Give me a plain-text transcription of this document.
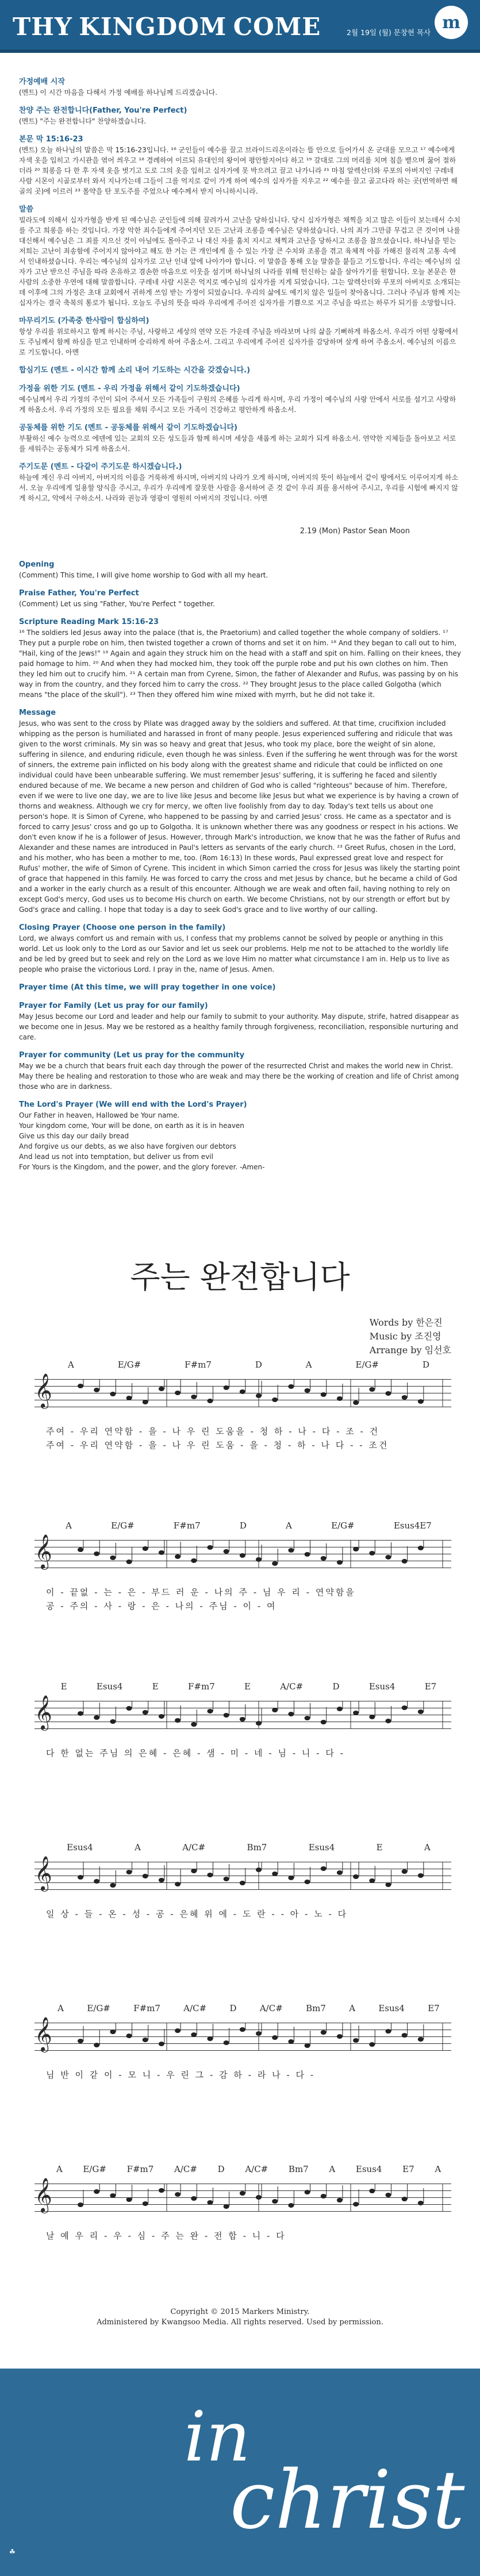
THY KINGDOM COME	2월 19일 (월) 문창현 목사 m
가정예배 시작

(멘트) 이 시간 마음을 다해서 가정 예배를 하나님께 드리겠습니다.

찬양 주는 완전합니다(Father, You're Perfect)

(멘트) "주는 완전합니다" 찬양하겠습니다.

본문 막 15:16-23

(멘트) 오늘 하나님의 말씀은 막 15:16-23입니다. ¹⁶ 군인들이 예수를 끌고 브라이드리온이라는 뜰 안으로 들어가서 온 군대를 모으고 ¹⁷ 예수에게 자색 옷을 입히고 가시관을 엮어 씌우고 ¹⁸ 경례하여 이르되 유대인의 왕이여 평안할지어다 하고 ¹⁹ 갈대로 그의 머리를 치며 침을 뱉으며 꿇어 절하더라 ²⁰ 희롱을 다 한 후 자색 옷을 벗기고 도로 그의 옷을 입히고 십자가에 못 박으려고 끌고 나가니라 ²¹ 마침 알렉산더와 루포의 아버지인 구레네 사람 시몬이 시골로부터 와서 지나가는데 그들이 그를 억지로 같이 가게 하여 예수의 십자가를 지우고 ²² 예수를 끌고 골고다라 하는 곳(번역하면 해골의 곳)에 이르러 ²³ 몰약을 탄 포도주를 주었으나 예수께서 받지 아니하시니라.

말씀

빌라도에 의해서 십자가형을 받게 된 예수님은 군인들에 의해 끌려가서 고난을 당하십니다. 당시 십자가형은 채찍을 치고 많은 이들이 보는데서 수치를 주고 희롱을 하는 것입니다. 가장 악한 죄수들에게 주어지던 모든 고난과 조롱을 예수님은 당하셨습니다. 나의 죄가 그만큼 무겁고 큰 것이며 나를 대신해서 예수님은 그 죄를 지으신 것이 아님에도 몰아주고 나 대신 자를 훔치 지시고 채찍과 고난을 당하시고 조롱을 참으셨습니다. 하나님을 믿는 저희는 고난이 죄송함에 주어지지 않아야고 해도 한 거는 큰 개인에게 올 수 있는 가장 큰 수치와 조롱을 겪고 육체적 아픔 가해진 물리적 고통 속에서 인내하셨습니다. 우리는 예수님의 십자가로 고난 인내 앞에 나아가야 합니다. 이 말씀을 통해 오늘 말씀을 붙들고 기도합니다. 우리는 예수님의 십자가 고난 받으신 주님을 따라 온유하고 겸손한 마음으로 이웃을 섬기며 하나님의 나라를 위해 헌신하는 삶을 살아가기를 원합니다. 오늘 본문은 한 사람의 소중한 우연에 대해 말씀합니다. 구레네 사람 시몬은 억지로 예수님의 십자가를 지게 되었습니다. 그는 알렉산더와 루포의 아버지로 소개되는데 이후에 그의 가정은 초대 교회에서 귀하게 쓰임 받는 가정이 되었습니다. 우리의 삶에도 예기치 않은 일들이 찾아옵니다. 그러나 주님과 함께 지는 십자가는 결국 축복의 통로가 됩니다. 오늘도 주님의 뜻을 따라 우리에게 주어진 십자가를 기쁨으로 지고 주님을 따르는 하루가 되기를 소망합니다.

마무리기도 (가족중 한사람이 합심하여)

항상 우리를 위로하시고 함께 하시는 주님, 사랑하고 세상의 연약 모든 가운데 주님을 바라보며 나의 삶을 기뻐하게 하옵소서. 우리가 어떤 상황에서도 주님께서 함께 하심을 믿고 인내하며 승리하게 하여 주옵소서. 그리고 우리에게 주어진 십자가를 감당하며 살게 하여 주옵소서. 예수님의 이름으로 기도합니다. 아멘

합심기도 (멘트 - 이시간 함께 소리 내어 기도하는 시간을 갖겠습니다.)
가정을 위한 기도 (멘트 - 우리 가정을 위해서 같이 기도하겠습니다)

예수님께서 우리 가정의 주인이 되어 주셔서 모든 가족들이 구원의 은혜를 누리게 하시며, 우리 가정이 예수님의 사랑 안에서 서로를 섬기고 사랑하게 하옵소서. 우리 가정의 모든 필요를 채워 주시고 모든 가족이 건강하고 평안하게 하옵소서.

공동체를 위한 기도 (멘트 - 공동체를 위해서 같이 기도하겠습니다)

부활하신 예수 능력으로 에덴에 있는 교회의 모든 성도들과 함께 하시며 세상을 새롭게 하는 교회가 되게 하옵소서. 연약한 지체들을 돌아보고 서로를 세워주는 공동체가 되게 하옵소서.

주기도문 (멘트 - 다같이 주기도문 하시겠습니다.)

하늘에 계신 우리 아버지, 아버지의 이름을 거룩하게 하시며, 아버지의 나라가 오게 하시며, 아버지의 뜻이 하늘에서 같이 땅에서도 이루어지게 하소서. 오늘 우리에게 일용할 양식을 주시고, 우리가 우리에게 잘못한 사람을 용서하여 준 것 같이 우리 죄를 용서하여 주시고, 우리를 시험에 빠지지 않게 하시고, 악에서 구하소서. 나라와 권능과 영광이 영원히 아버지의 것입니다. 아멘

2.19 (Mon) Pastor Sean Moon

Opening

(Comment) This time, I will give home worship to God with all my heart.

Praise Father, You're Perfect

(Comment) Let us sing "Father, You're Perfect " together.

Scripture Reading Mark 15:16-23

¹⁶ The soldiers led Jesus away into the palace (that is, the Praetorium) and called together the whole company of soldiers. ¹⁷ They put a purple robe on him, then twisted together a crown of thorns and set it on him. ¹⁸ And they began to call out to him, "Hail, king of the Jews!" ¹⁹ Again and again they struck him on the head with a staff and spit on him. Falling on their knees, they paid homage to him. ²⁰ And when they had mocked him, they took off the purple robe and put his own clothes on him. Then they led him out to crucify him. ²¹ A certain man from Cyrene, Simon, the father of Alexander and Rufus, was passing by on his way in from the country, and they forced him to carry the cross. ²² They brought Jesus to the place called Golgotha (which means "the place of the skull"). ²³ Then they offered him wine mixed with myrrh, but he did not take it.

Message

Jesus, who was sent to the cross by Pilate was dragged away by the soldiers and suffered. At that time, crucifixion included whipping as the person is humiliated and harassed in front of many people. Jesus experienced suffering and ridicule that was given to the worst criminals. My sin was so heavy and great that Jesus, who took my place, bore the weight of sin alone, suffering in silence, and enduring ridicule, even though he was sinless. Even if the suffering he went through was for the worst of sinners, the extreme pain inflicted on his body along with the greatest shame and ridicule that could be inflicted on one individual could have been unbearable suffering. We must remember Jesus' suffering, it is suffering he faced and silently endured because of me. We became a new person and children of God who is called "righteous" because of him. Therefore, even if we were to live one day, we are to live like Jesus and become like Jesus but what we experience is by having a crown of thorns and weakness. Although we cry for mercy, we often live foolishly from day to day. Today's text tells us about one person's hope. It is Simon of Cyrene, who happened to be passing by and carried Jesus' cross. He came as a spectator and is forced to carry Jesus' cross and go up to Golgotha. It is unknown whether there was any goodness or respect in his actions. We don't even know if he is a follower of Jesus. However, through Mark's introduction, we know that he was the father of Rufus and Alexander and these names are introduced in Paul's letters as servants of the early church. ²³ Greet Rufus, chosen in the Lord, and his mother, who has been a mother to me, too. (Rom 16:13) In these words, Paul expressed great love and respect for Rufus' mother, the wife of Simon of Cyrene. This incident in which Simon carried the cross for Jesus was likely the starting point of grace that happened in this family. He was forced to carry the cross and met Jesus by chance, but he became a child of God and a worker in the early church as a result of this encounter. Although we are weak and often fail, having nothing to rely on except God's mercy, God uses us to become His church on earth. We become Christians, not by our strength or effort but by God's grace and calling. I hope that today is a day to seek God's grace and to live worthy of our calling.

Closing Prayer (Choose one person in the family)

Lord, we always comfort us and remain with us, I confess that my problems cannot be solved by people or anything in this world. Let us look only to the Lord as our Savior and let us seek our problems. Help me not to be attached to the worldly life and be led by greed but to seek and rely on the Lord as we love Him no matter what circumstance I am in. Help us to live as people who praise the victorious Lord. I pray in the, name of Jesus. Amen.

Prayer time (At this time, we will pray together in one voice)
Prayer for Family (Let us pray for our family)

May Jesus become our Lord and leader and help our family to submit to your authority. May dispute, strife, hatred disappear as we become one in Jesus. May we be restored as a healthy family through forgiveness, reconciliation, responsible nurturing and care.

Prayer for community (Let us pray for the community

May we be a church that bears fruit each day through the power of the resurrected Christ and makes the world new in Christ. May there be healing and restoration to those who are weak and may there be the working of creation and life of Christ among those who are in darkness.

The Lord's Prayer (We will end with the Lord's Prayer)

Our Father in heaven, Hallowed be Your name.

Your kingdom come, Your will be done, on earth as it is in heaven

Give us this day our daily bread

And forgive us our debts, as we also have forgiven our debtors

And lead us not into temptation, but deliver us from evil

For Yours is the Kingdom, and the power, and the glory forever. -Amen-

주는 완전합니다
Words by 한은진
Music by 조진영
Arrange by 임선호
𝄞
A	E/G#	F#m7	D	A	E/G#	D
주여 - 우리 연약함 - 을 - 나 우 린 도움을 - 청 하 - 나 - 다 - 조 - 건
주여 - 우리 연약함 - 을 - 나 우 린 도움 - 을 - 청 - 하 - 나 다 - - 조건
𝄞
A	E/G#	F#m7	D	A	E/G#	Esus4E7
이 - 끝없 - 는 - 은 - 부드 러 운 - 나의 주 - 님 우 리 - 연약함을
공 - 주의 - 사 - 랑 - 은 - 나의 - 주님 - 이 - 여
𝄞
E	Esus4	E	F#m7	E	A/C#	D	Esus4	E7
다 한 없는 주님 의 은혜 - 은혜 - 샘 - 미 - 네 - 님 - 니 - 다 -
𝄞
Esus4	A	A/C#	Bm7	Esus4	E	A
일 상 - 들 - 온 - 성 - 공 - 은혜 위 에 - 도 란 - - 아 - 노 - 다
𝄞
A	E/G#	F#m7	A/C#	D	A/C#	Bm7	A	Esus4	E7
님 반 이 같 이 - 모 니 - 우 린 그 - 감 하 - 라 나 - 다 -
𝄞
A E/G# F#m7 A/C# D A/C# Bm7 A Esus4 E7 A
날 예 우 리 - 우 - 심 - 주 는 완 - 전 합 - 니 - 다
Copyright © 2015 Markers Ministry.
Administered by Kwangsoo Media. All rights reserved. Used by permission.
in
christ
☘
